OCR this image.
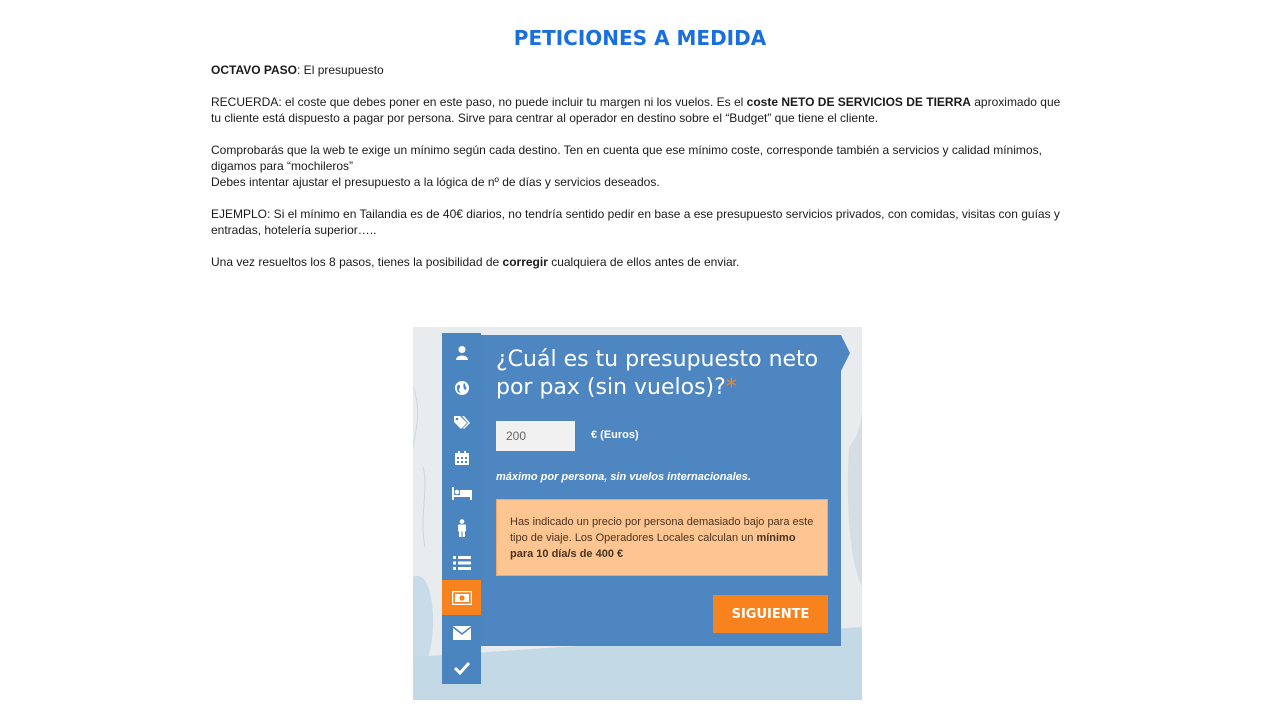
PETICIONES A MEDIDA

OCTAVO PASO: El presupuesto

RECUERDA: el coste que debes poner en este paso, no puede incluir tu margen ni los vuelos. Es el coste NETO DE SERVICIOS DE TIERRA aproximado que tu cliente está dispuesto a pagar por persona. Sirve para centrar al operador en destino sobre el “Budget” que tiene el cliente.

Comprobarás que la web te exige un mínimo según cada destino. Ten en cuenta que ese mínimo coste, corresponde también a servicios y calidad mínimos, digamos para “mochileros”

Debes intentar ajustar el presupuesto a la lógica de nº de días y servicios deseados.

EJEMPLO: Si el mínimo en Tailandia es de 40€ diarios, no tendría sentido pedir en base a ese presupuesto servicios privados, con comidas, visitas con guías y entradas, hotelería superior…..

Una vez resueltos los 8 pasos, tienes la posibilidad de corregir cualquiera de ellos antes de enviar.

¿Cuál es tu presupuesto neto por pax (sin vuelos)?*
200
€ (Euros)
máximo por persona, sin vuelos internacionales.
Has indicado un precio por persona demasiado bajo para este tipo de viaje. Los Operadores Locales calculan un mínimo para 10 día/s de 400 €
SIGUIENTE
